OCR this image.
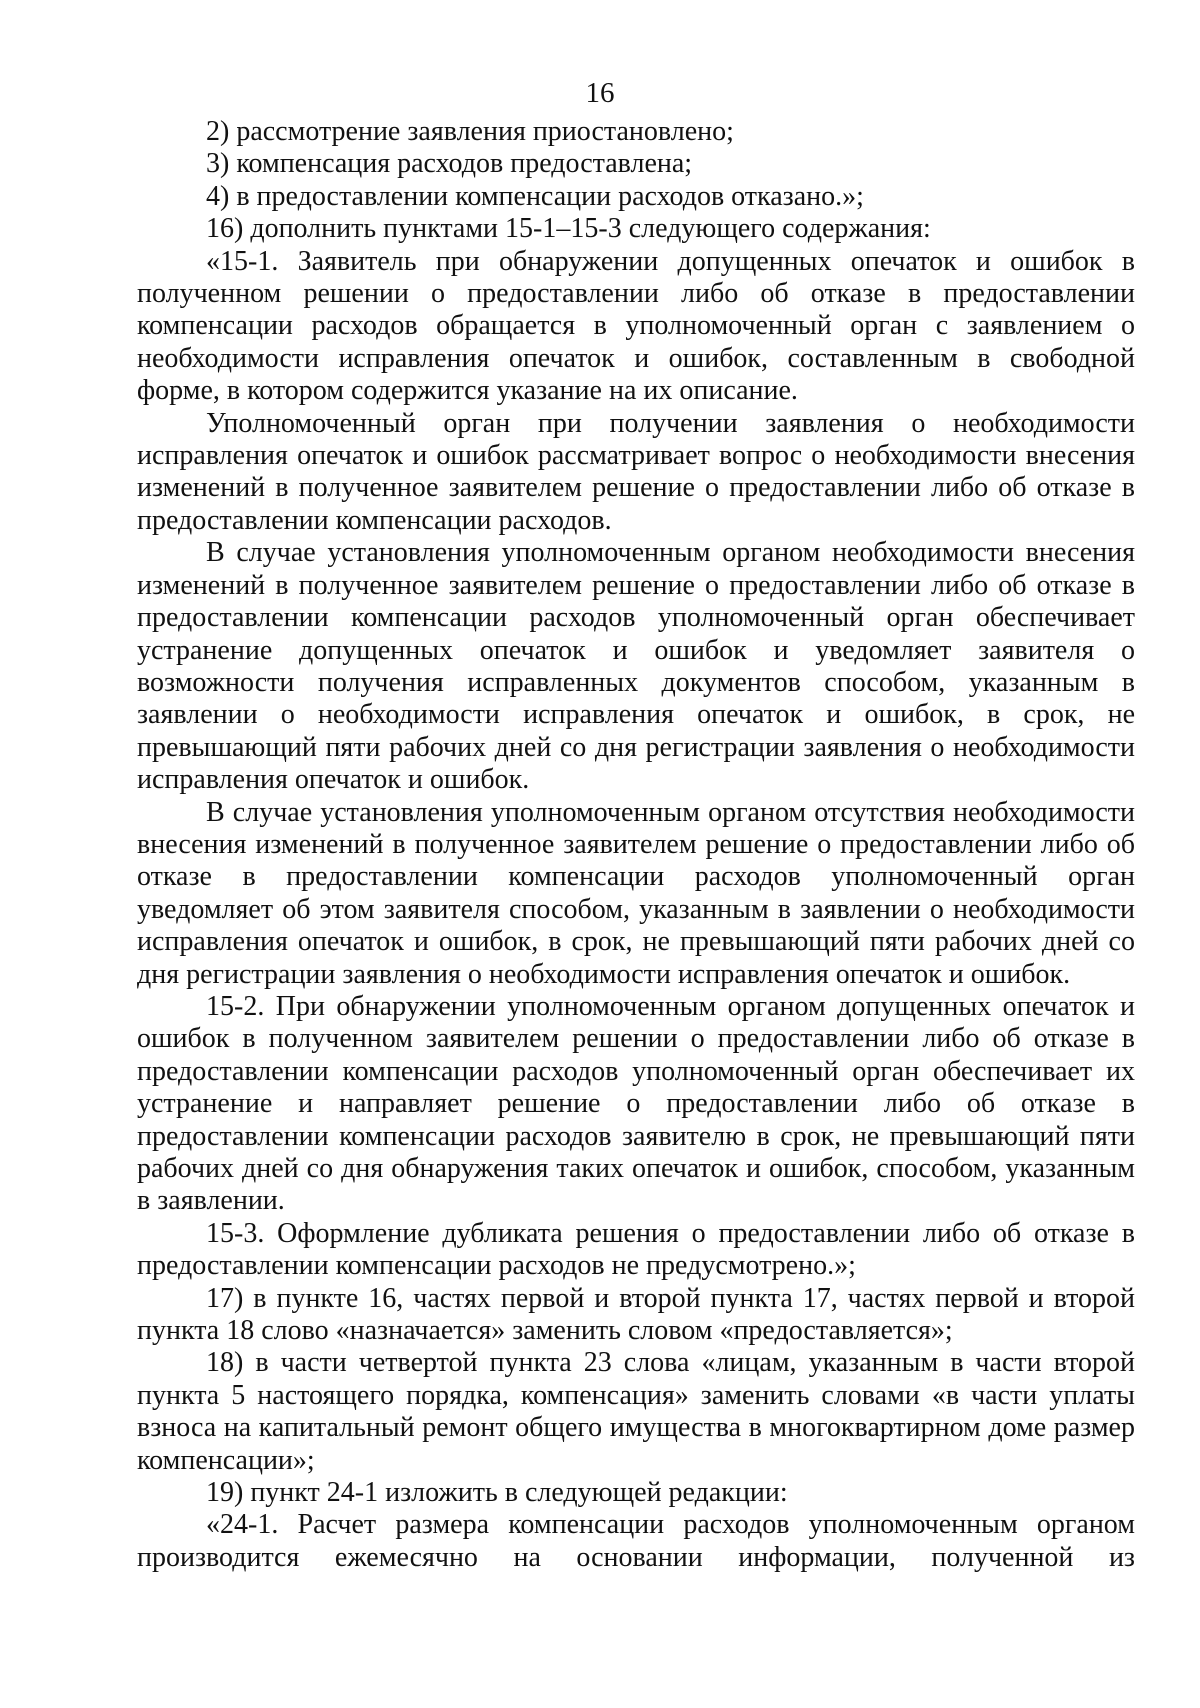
16

2) рассмотрение заявления приостановлено;

3) компенсация расходов предоставлена;

4) в предоставлении компенсации расходов отказано.»;

16) дополнить пунктами 15-1–15-3 следующего содержания:

«15-1. Заявитель при обнаружении допущенных опечаток и ошибок в полученном решении о предоставлении либо об отказе в предоставлении компенсации расходов обращается в уполномоченный орган с заявлением о необходимости исправления опечаток и ошибок, составленным в свободной форме, в котором содержится указание на их описание.

Уполномоченный орган при получении заявления о необходимости исправления опечаток и ошибок рассматривает вопрос о необходимости внесения изменений в полученное заявителем решение о предоставлении либо об отказе в предоставлении компенсации расходов.

В случае установления уполномоченным органом необходимости внесения изменений в полученное заявителем решение о предоставлении либо об отказе в предоставлении компенсации расходов уполномоченный орган обеспечивает устранение допущенных опечаток и ошибок и уведомляет заявителя о возможности получения исправленных документов способом, указанным в заявлении о необходимости исправления опечаток и ошибок, в срок, не превышающий пяти рабочих дней со дня регистрации заявления о необходимости исправления опечаток и ошибок.

В случае установления уполномоченным органом отсутствия необходимости внесения изменений в полученное заявителем решение о предоставлении либо об отказе в предоставлении компенсации расходов уполномоченный орган уведомляет об этом заявителя способом, указанным в заявлении о необходимости исправления опечаток и ошибок, в срок, не превышающий пяти рабочих дней со дня регистрации заявления о необходимости исправления опечаток и ошибок.

15-2. При обнаружении уполномоченным органом допущенных опечаток и ошибок в полученном заявителем решении о предоставлении либо об отказе в предоставлении компенсации расходов уполномоченный орган обеспечивает их устранение и направляет решение о предоставлении либо об отказе в предоставлении компенсации расходов заявителю в срок, не превышающий пяти рабочих дней со дня обнаружения таких опечаток и ошибок, способом, указанным в заявлении.

15-3. Оформление дубликата решения о предоставлении либо об отказе в предоставлении компенсации расходов не предусмотрено.»;

17) в пункте 16, частях первой и второй пункта 17, частях первой и второй пункта 18 слово «назначается» заменить словом «предоставляется»;

18) в части четвертой пункта 23 слова «лицам, указанным в части второй пункта 5 настоящего порядка, компенсация» заменить словами «в части уплаты взноса на капитальный ремонт общего имущества в многоквартирном доме размер компенсации»;

19) пункт 24-1 изложить в следующей редакции:

«24-1. Расчет размера компенсации расходов уполномоченным органом производится ежемесячно на основании информации, полученной из
